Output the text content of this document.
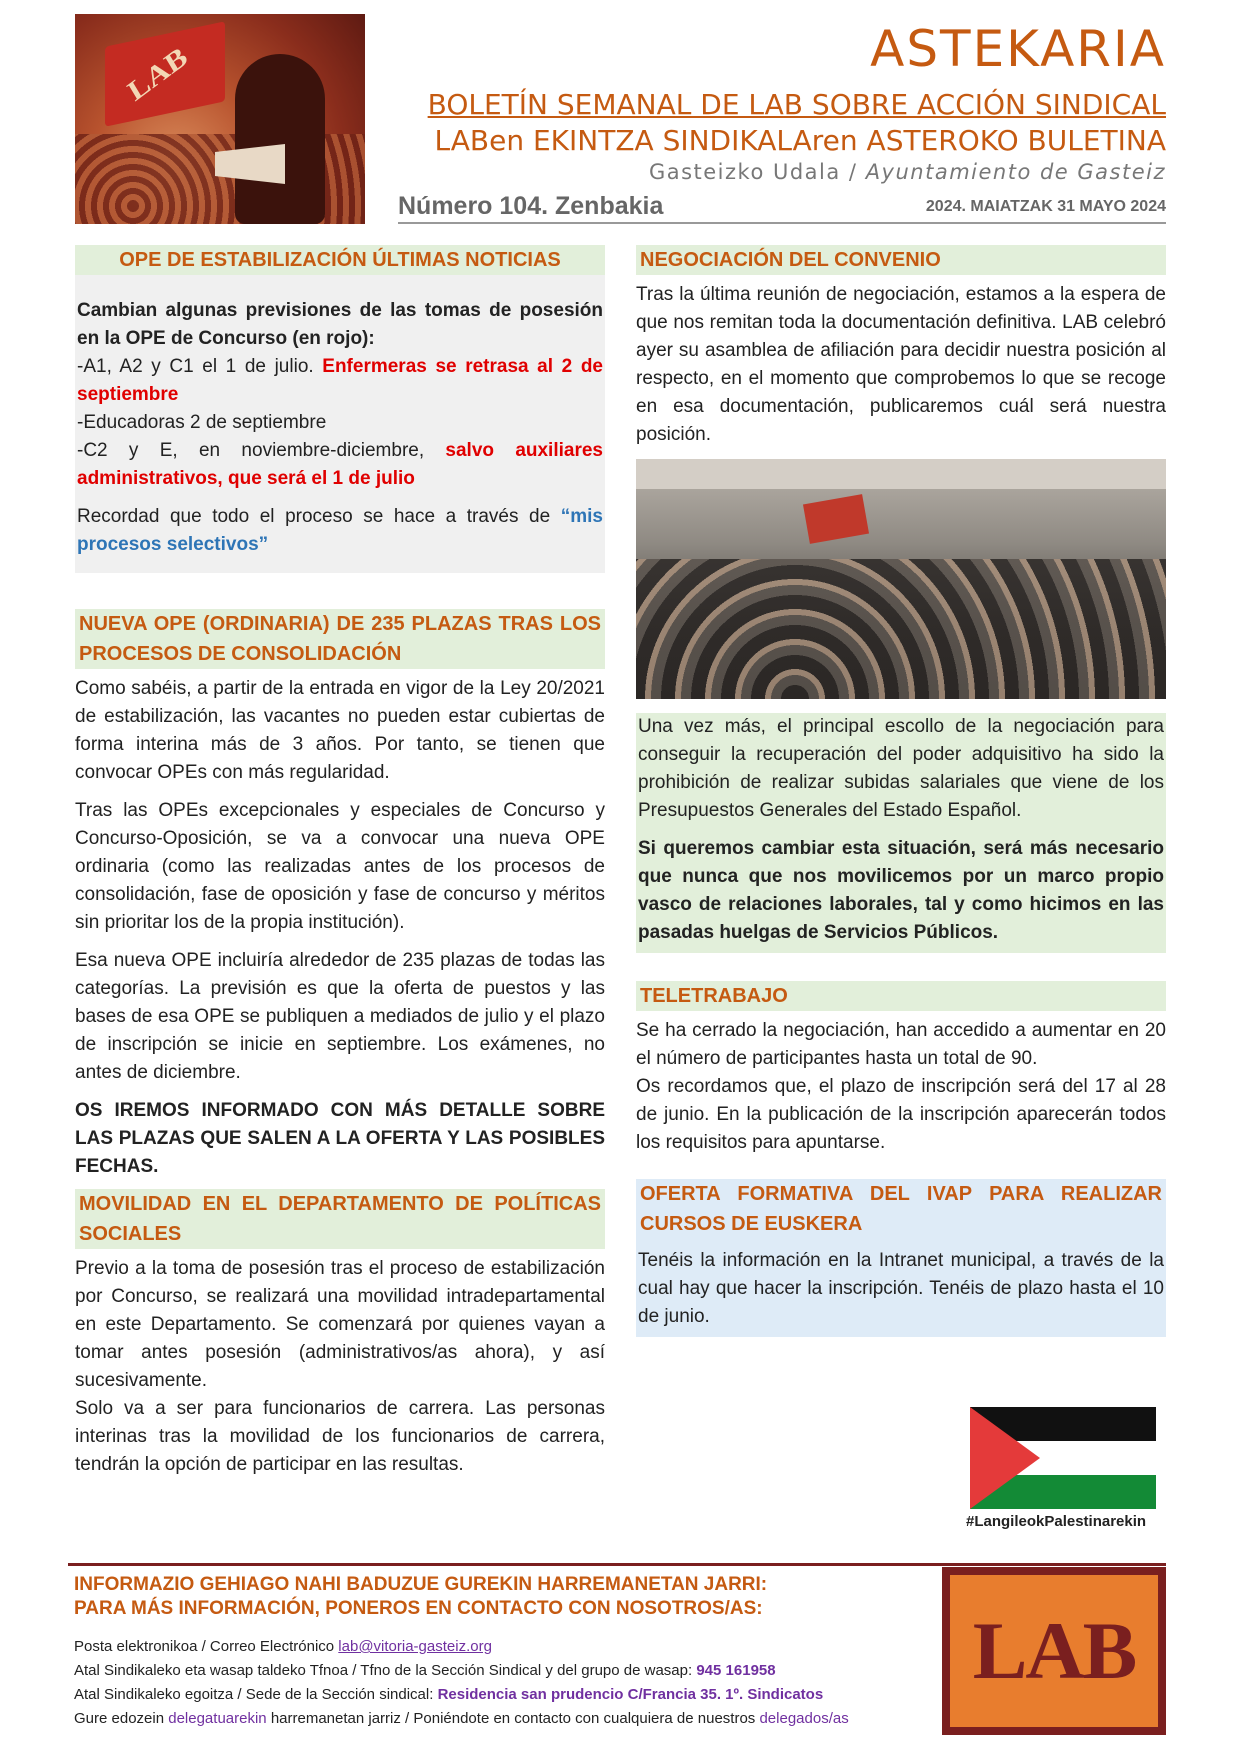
LAB	ASTEKARIA
BOLETÍN SEMANAL DE LAB SOBRE ACCIÓN SINDICAL
LABen EKINTZA SINDIKALAren ASTEROKO BULETINA
Gasteizko Udala / Ayuntamiento de Gasteiz
Número 104. Zenbakia	2024. MAIATZAK 31 MAYO 2024
OPE DE ESTABILIZACIÓN ÚLTIMAS NOTICIAS

Cambian algunas previsiones de las tomas de posesión en la OPE de Concurso (en rojo):

-A1, A2 y C1 el 1 de julio. Enfermeras se retrasa al 2 de septiembre

-Educadoras 2 de septiembre

-C2 y E, en noviembre-diciembre, salvo auxiliares administrativos, que será el 1 de julio

Recordad que todo el proceso se hace a través de “mis procesos selectivos”

NUEVA OPE (ORDINARIA) DE 235 PLAZAS TRAS LOS PROCESOS DE CONSOLIDACIÓN

Como sabéis, a partir de la entrada en vigor de la Ley 20/2021 de estabilización, las vacantes no pueden estar cubiertas de forma interina más de 3 años. Por tanto, se tienen que convocar OPEs con más regularidad.

Tras las OPEs excepcionales y especiales de Concurso y Concurso-Oposición, se va a convocar una nueva OPE ordinaria (como las realizadas antes de los procesos de consolidación, fase de oposición y fase de concurso y méritos sin prioritar los de la propia institución).

Esa nueva OPE incluiría alrededor de 235 plazas de todas las categorías. La previsión es que la oferta de puestos y las bases de esa OPE se publiquen a mediados de julio y el plazo de inscripción se inicie en septiembre. Los exámenes, no antes de diciembre.

OS IREMOS INFORMADO CON MÁS DETALLE SOBRE LAS PLAZAS QUE SALEN A LA OFERTA Y LAS POSIBLES FECHAS.

MOVILIDAD EN EL DEPARTAMENTO DE POLÍTICAS SOCIALES

Previo a la toma de posesión tras el proceso de estabilización por Concurso, se realizará una movilidad intradepartamental en este Departamento. Se comenzará por quienes vayan a tomar antes posesión (administrativos/as ahora), y así sucesivamente.

Solo va a ser para funcionarios de carrera. Las personas interinas tras la movilidad de los funcionarios de carrera, tendrán la opción de participar en las resultas.

NEGOCIACIÓN DEL CONVENIO

Tras la última reunión de negociación, estamos a la espera de que nos remitan toda la documentación definitiva. LAB celebró ayer su asamblea de afiliación para decidir nuestra posición al respecto, en el momento que comprobemos lo que se recoge en esa documentación, publicaremos cuál será nuestra posición.

Una vez más, el principal escollo de la negociación para conseguir la recuperación del poder adquisitivo ha sido la prohibición de realizar subidas salariales que viene de los Presupuestos Generales del Estado Español.

Si queremos cambiar esta situación, será más necesario que nunca que nos movilicemos por un marco propio vasco de relaciones laborales, tal y como hicimos en las pasadas huelgas de Servicios Públicos.

TELETRABAJO

Se ha cerrado la negociación, han accedido a aumentar en 20 el número de participantes hasta un total de 90.

Os recordamos que, el plazo de inscripción será del 17 al 28 de junio. En la publicación de la inscripción aparecerán todos los requisitos para apuntarse.

OFERTA FORMATIVA DEL IVAP PARA REALIZAR CURSOS DE EUSKERA

Tenéis la información en la Intranet municipal, a través de la cual hay que hacer la inscripción. Tenéis de plazo hasta el 10 de junio.

#LangileokPalestinarekin
INFORMAZIO GEHIAGO NAHI BADUZUE GUREKIN HARREMANETAN JARRI:
PARA MÁS INFORMACIÓN, PONEROS EN CONTACTO CON NOSOTROS/AS:
Posta elektronikoa / Correo Electrónico lab@vitoria-gasteiz.org
Atal Sindikaleko eta wasap taldeko Tfnoa / Tfno de la Sección Sindical y del grupo de wasap: 945 161958
Atal Sindikaleko egoitza / Sede de la Sección sindical: Residencia san prudencio C/Francia 35. 1º. Sindicatos
Gure edozein delegatuarekin harremanetan jarriz / Poniéndote en contacto con cualquiera de nuestros delegados/as
LAB
